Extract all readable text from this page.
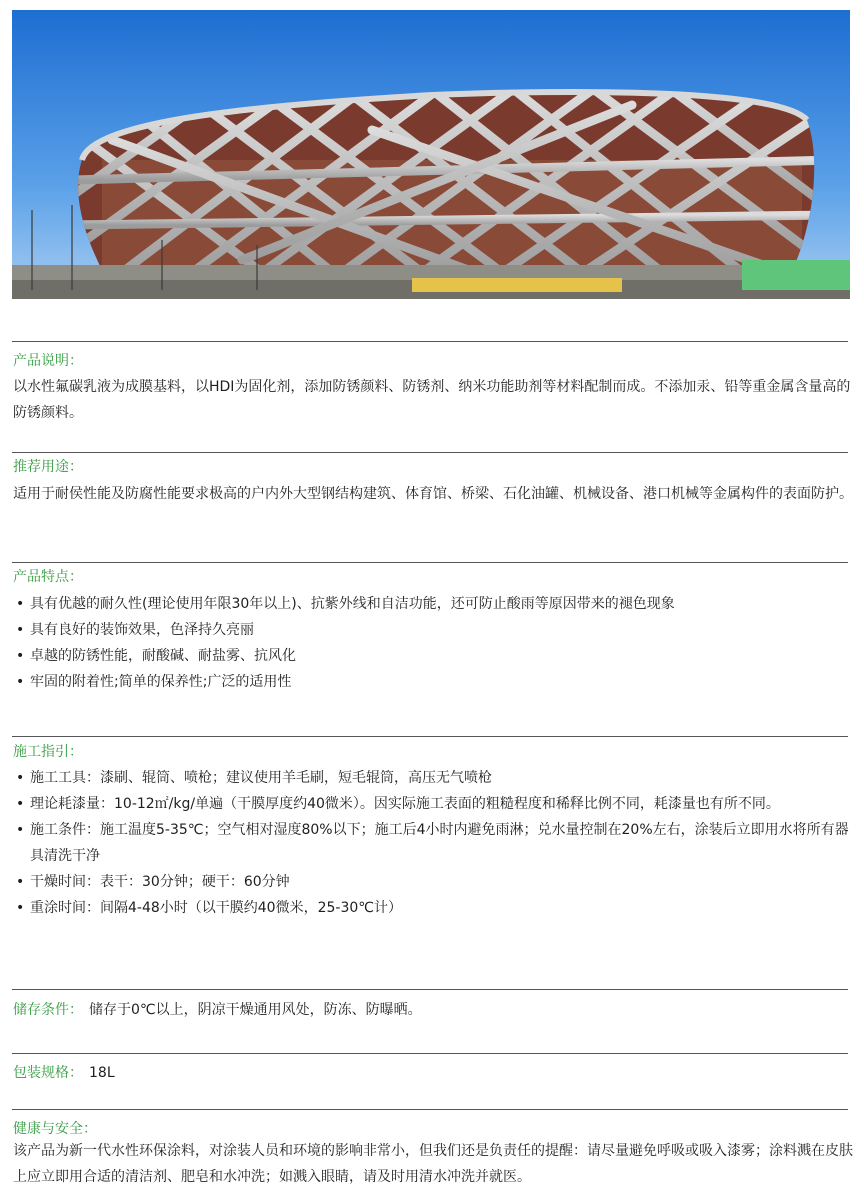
产品说明：

以水性氟碳乳液为成膜基料，以HDI为固化剂，添加防锈颜料、防锈剂、纳米功能助剂等材料配制而成。不添加汞、铅等重金属含量高的防锈颜料。

推荐用途：

适用于耐侯性能及防腐性能要求极高的户内外大型钢结构建筑、体育馆、桥梁、石化油罐、机械设备、港口机械等金属构件的表面防护。

产品特点：
• 具有优越的耐久性(理论使用年限30年以上)、抗紫外线和自洁功能，还可防止酸雨等原因带来的褪色现象
• 具有良好的装饰效果，色泽持久亮丽
• 卓越的防锈性能，耐酸碱、耐盐雾、抗风化
• 牢固的附着性;简单的保养性;广泛的适用性
施工指引：
• 施工工具：漆刷、辊筒、喷枪；建议使用羊毛刷，短毛辊筒，高压无气喷枪
• 理论耗漆量：10-12㎡/kg/单遍（干膜厚度约40微米）。因实际施工表面的粗糙程度和稀释比例不同，耗漆量也有所不同。
• 施工条件：施工温度5-35℃；空气相对湿度80%以下；施工后4小时内避免雨淋；兑水量控制在20%左右，涂装后立即用水将所有器具清洗干净
• 干燥时间：表干：30分钟；硬干：60分钟
• 重涂时间：间隔4-48小时（以干膜约40微米，25-30℃计）
储存条件： 储存于0℃以上，阴凉干燥通用风处，防冻、防曝晒。
包装规格： 18L
健康与安全：

该产品为新一代水性环保涂料，对涂装人员和环境的影响非常小，但我们还是负责任的提醒：请尽量避免呼吸或吸入漆雾；涂料溅在皮肤上应立即用合适的清洁剂、肥皂和水冲洗；如溅入眼睛，请及时用清水冲洗并就医。
